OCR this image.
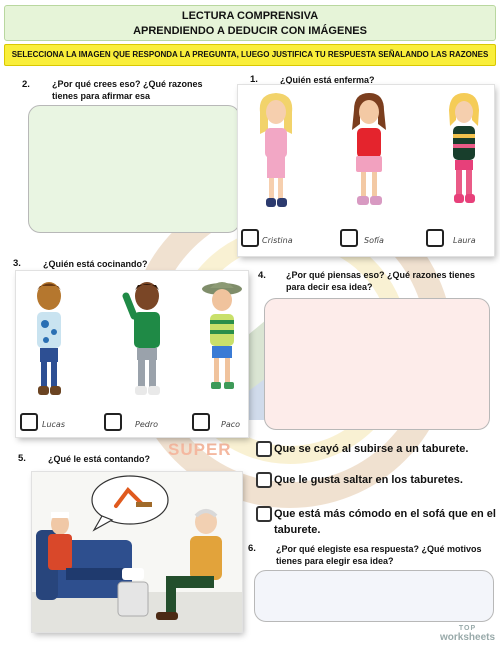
LECTURA COMPRENSIVA
APRENDIENDO A DEDUCIR CON IMÁGENES
SELECCIONA LA IMAGEN QUE RESPONDA LA PREGUNTA, LUEGO JUSTIFICA TU RESPUESTA SEÑALANDO LAS RAZONES
SUPER
2. ¿Por qué crees eso? ¿Qué razones tienes para afirmar esa
1. ¿Quién está enferma?
Cristina	Sofía	Laura
3. ¿Quién está cocinando?
Lucas	Pedro	Paco
4. ¿Por qué piensas eso? ¿Qué razones tienes para decir esa idea?
5. ¿Qué le está contando?
Que se cayó al subirse a un taburete.
Que le gusta saltar en los taburetes.
Que está más cómodo en el sofá que en el taburete.
6. ¿Por qué elegiste esa respuesta? ¿Qué motivos tienes para elegir esa idea?
TOP
worksheets
